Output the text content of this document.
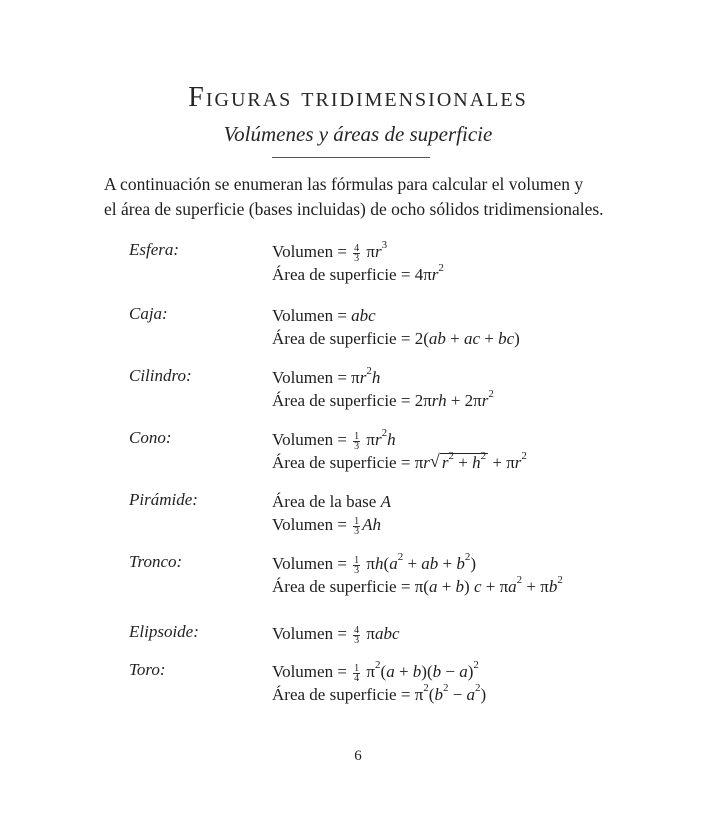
Figuras tridimensionales
Volúmenes y áreas de superficie

A continuación se enumeran las fórmulas para calcular el volumen y

el área de superficie (bases incluidas) de ocho sólidos tridimensionales.

Esfera:	Volumen = $\frac{4}{3} \pi r^3$
Área de superficie = $4\pi r^2$
Caja:	Volumen = abc
Área de superficie = 2(ab + ac + bc)
Cilindro:	Volumen = $\pi r^2h$
Área de superficie = $2\pi rh + 2\pi r^2$
Cono:	Volumen = $\frac{1}{3} \pi r^2h$
Área de superficie = πr √ $r^2 + h^2 + \pi r^2$
Pirámide:	Área de la base A
Volumen = $\frac{1}{3}$ Ah
Tronco:	Volumen = $\frac{1}{3} \pi h(a^2$ + ab + $b^2$)
Área de superficie = π(a + b) $c + \pi a^2 + \pi b^2$
Elipsoide:	Volumen = $\frac{4}{3}$ πabc
Toro:	Volumen = $\frac{1}{4} \pi^2(a + b)(b - a)^2$
Área de superficie = $\pi^2(b^2 - a^2)$
6
